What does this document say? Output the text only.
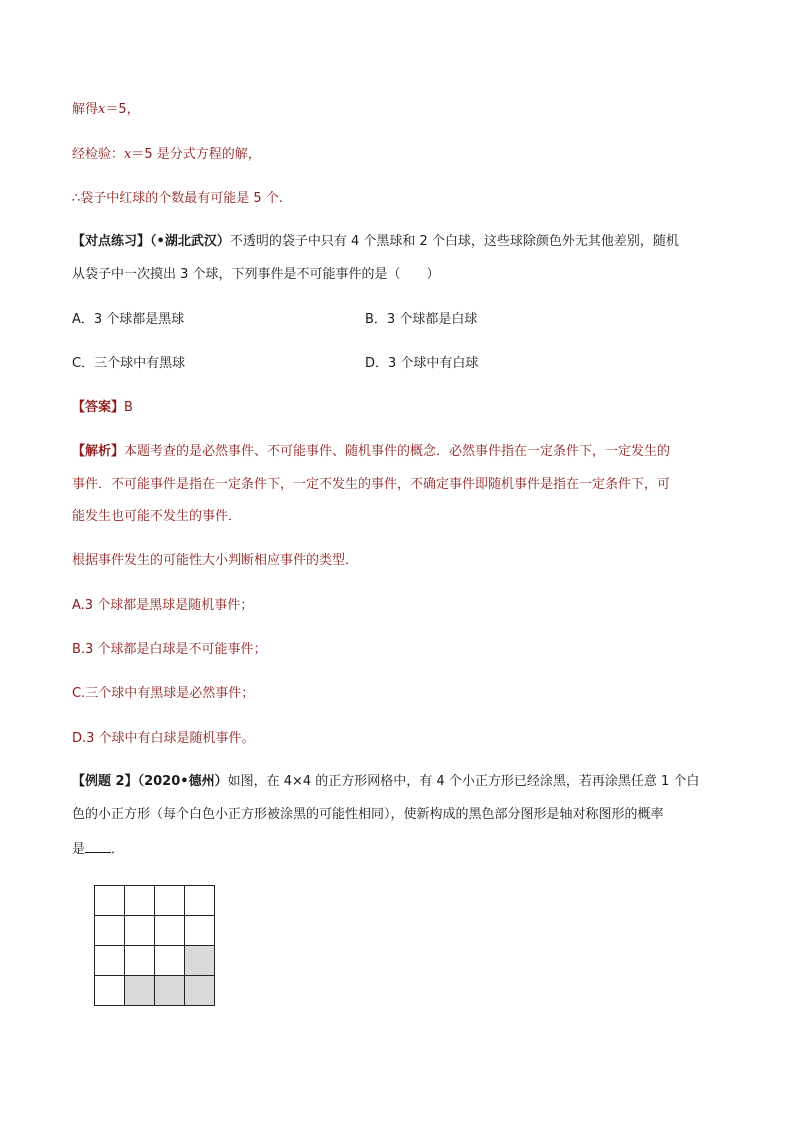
解得x＝5，
经检验：x＝5 是分式方程的解，
∴袋子中红球的个数最有可能是 5 个.
【对点练习】（•湖北武汉）不透明的袋子中只有 4 个黑球和 2 个白球，这些球除颜色外无其他差别，随机
从袋子中一次摸出 3 个球，下列事件是不可能事件的是（　　）
A．3 个球都是黑球	B．3 个球都是白球
C．三个球中有黑球	D．3 个球中有白球
【答案】B
【解析】本题考查的是必然事件、不可能事件、随机事件的概念．必然事件指在一定条件下，一定发生的
事件．不可能事件是指在一定条件下，一定不发生的事件，不确定事件即随机事件是指在一定条件下，可
能发生也可能不发生的事件．
根据事件发生的可能性大小判断相应事件的类型．
A.3 个球都是黑球是随机事件；
B.3 个球都是白球是不可能事件；
C.三个球中有黑球是必然事件；
D.3 个球中有白球是随机事件。
【例题 2】（2020•德州）如图，在 4×4 的正方形网格中，有 4 个小正方形已经涂黑，若再涂黑任意 1 个白
色的小正方形（每个白色小正方形被涂黑的可能性相同），使新构成的黑色部分图形是轴对称图形的概率
是 ．
